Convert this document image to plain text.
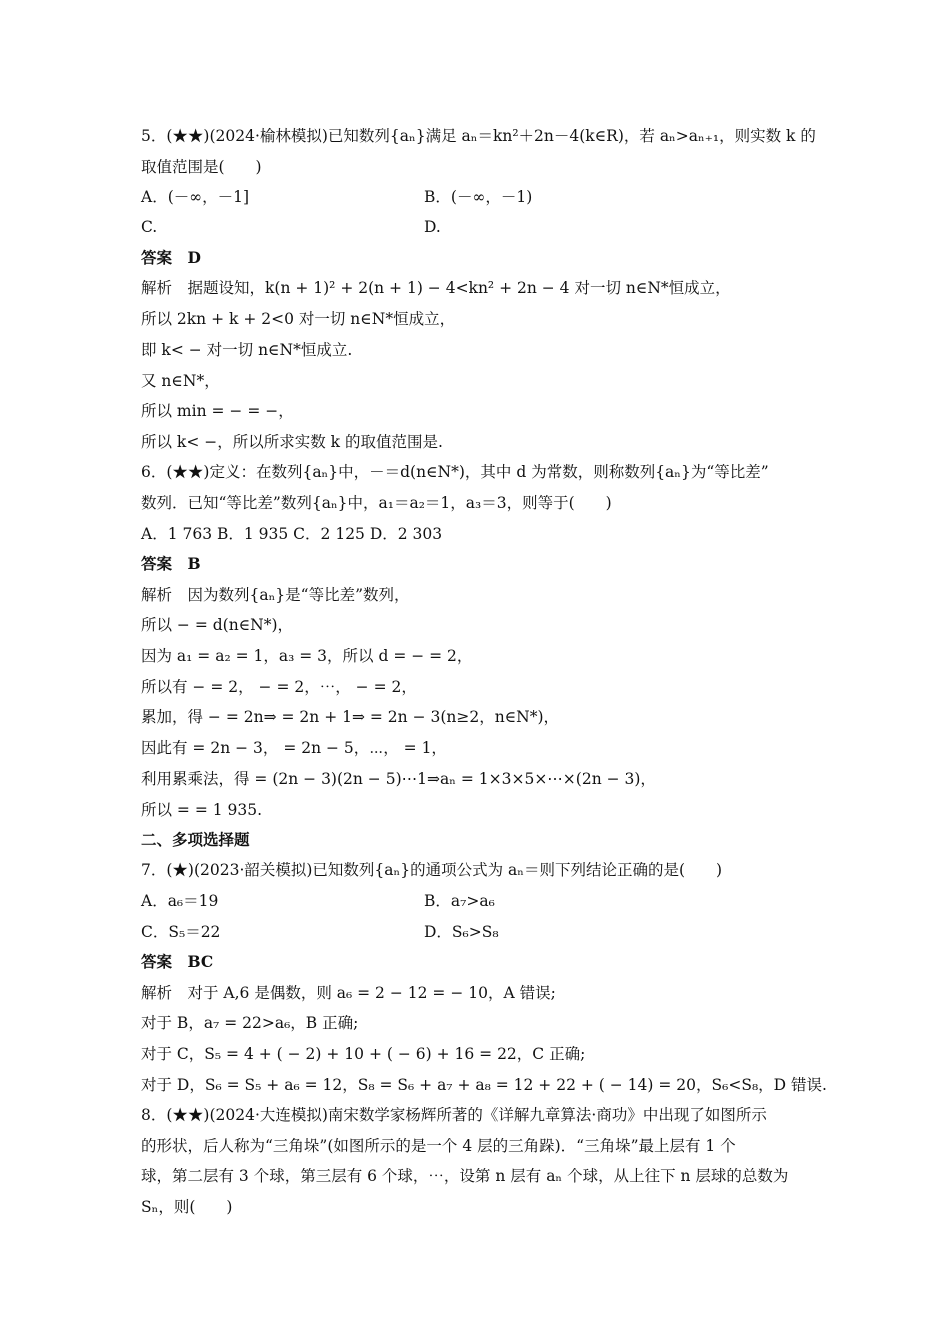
5．(★★)(2024·榆林模拟)已知数列{aₙ}满足 aₙ＝kn²＋2n－4(k∈R)，若 aₙ>aₙ₊₁，则实数 k 的
取值范围是(　　)
A．(－∞，－1]	B．(－∞，－1)
C.	D.
答案　D
解析　据题设知，k(n + 1)² + 2(n + 1) − 4<kn² + 2n − 4 对一切 n∈N*恒成立，
所以 2kn + k + 2<0 对一切 n∈N*恒成立，
即 k< − 对一切 n∈N*恒成立.
又 n∈N*，
所以 min = − = −，
所以 k< −，所以所求实数 k 的取值范围是.
6．(★★)定义：在数列{aₙ}中，－＝d(n∈N*)，其中 d 为常数，则称数列{aₙ}为“等比差”
数列．已知“等比差”数列{aₙ}中，a₁＝a₂＝1，a₃＝3，则等于(　　)
A．1 763 B．1 935 C．2 125 D．2 303
答案　B
解析　因为数列{aₙ}是“等比差”数列，
所以 − = d(n∈N*)，
因为 a₁ = a₂ = 1，a₃ = 3，所以 d = − = 2，
所以有 − = 2， − = 2，⋯， − = 2，
累加，得 − = 2n⇒ = 2n + 1⇒ = 2n − 3(n≥2，n∈N*)，
因此有 = 2n − 3， = 2n − 5，⋯， = 1，
利用累乘法，得 = (2n − 3)(2n − 5)⋯1⇒aₙ = 1×3×5×⋯×(2n − 3)，
所以 = = 1 935.
二、多项选择题
7．(★)(2023·韶关模拟)已知数列{aₙ}的通项公式为 aₙ＝则下列结论正确的是(　　)
A．a₆＝19	B．a₇>a₆
C．S₅＝22	D．S₆>S₈
答案　BC
解析　对于 A,6 是偶数，则 a₆ = 2 − 12 = − 10，A 错误;
对于 B，a₇ = 22>a₆，B 正确;
对于 C，S₅ = 4 + ( − 2) + 10 + ( − 6) + 16 = 22，C 正确;
对于 D，S₆ = S₅ + a₆ = 12，S₈ = S₆ + a₇ + a₈ = 12 + 22 + ( − 14) = 20，S₆<S₈，D 错误.
8．(★★)(2024·大连模拟)南宋数学家杨辉所著的《详解九章算法·商功》中出现了如图所示
的形状，后人称为“三角垛”(如图所示的是一个 4 层的三角跺)．“三角垛”最上层有 1 个
球，第二层有 3 个球，第三层有 6 个球，⋯，设第 n 层有 aₙ 个球，从上往下 n 层球的总数为
Sₙ，则(　　)
